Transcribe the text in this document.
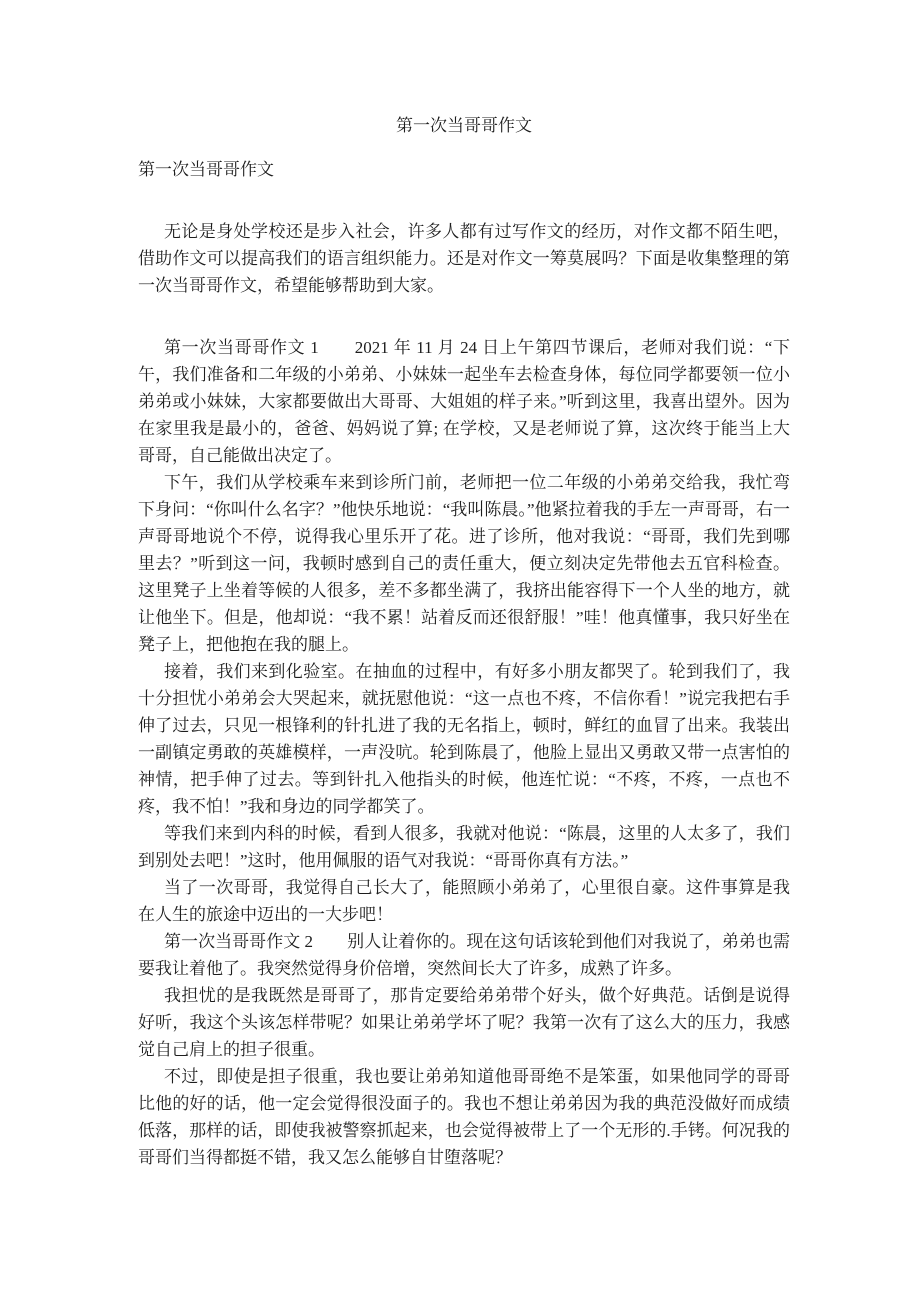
第一次当哥哥作文

第一次当哥哥作文

无论是身处学校还是步入社会，许多人都有过写作文的经历，对作文都不陌生吧，借助作文可以提高我们的语言组织能力。还是对作文一筹莫展吗？下面是收集整理的第一次当哥哥作文，希望能够帮助到大家。

第一次当哥哥作文 1　　2021 年 11 月 24 日上午第四节课后，老师对我们说：“下午，我们准备和二年级的小弟弟、小妹妹一起坐车去检查身体，每位同学都要领一位小弟弟或小妹妹，大家都要做出大哥哥、大姐姐的样子来。”听到这里，我喜出望外。因为在家里我是最小的，爸爸、妈妈说了算; 在学校，又是老师说了算，这次终于能当上大哥哥，自己能做出决定了。

下午，我们从学校乘车来到诊所门前，老师把一位二年级的小弟弟交给我，我忙弯下身问：“你叫什么名字？”他快乐地说：“我叫陈晨。”他紧拉着我的手左一声哥哥，右一声哥哥地说个不停，说得我心里乐开了花。进了诊所，他对我说：“哥哥，我们先到哪里去？”听到这一问，我顿时感到自己的责任重大，便立刻决定先带他去五官科检查。这里凳子上坐着等候的人很多，差不多都坐满了，我挤出能容得下一个人坐的地方，就让他坐下。但是，他却说：“我不累！站着反而还很舒服！”哇！他真懂事，我只好坐在凳子上，把他抱在我的腿上。

接着，我们来到化验室。在抽血的过程中，有好多小朋友都哭了。轮到我们了，我十分担忧小弟弟会大哭起来，就抚慰他说：“这一点也不疼，不信你看！”说完我把右手伸了过去，只见一根锋利的针扎进了我的无名指上，顿时，鲜红的血冒了出来。我装出一副镇定勇敢的英雄模样，一声没吭。轮到陈晨了，他脸上显出又勇敢又带一点害怕的神情，把手伸了过去。等到针扎入他指头的时候，他连忙说：“不疼，不疼，一点也不疼，我不怕！”我和身边的同学都笑了。

等我们来到内科的时候，看到人很多，我就对他说：“陈晨，这里的人太多了，我们到别处去吧！”这时，他用佩服的语气对我说：“哥哥你真有方法。”

当了一次哥哥，我觉得自己长大了，能照顾小弟弟了，心里很自豪。这件事算是我在人生的旅途中迈出的一大步吧！

第一次当哥哥作文 2　　别人让着你的。现在这句话该轮到他们对我说了，弟弟也需要我让着他了。我突然觉得身价倍增，突然间长大了许多，成熟了许多。

我担忧的是我既然是哥哥了，那肯定要给弟弟带个好头，做个好典范。话倒是说得好听，我这个头该怎样带呢？如果让弟弟学坏了呢？我第一次有了这么大的压力，我感觉自己肩上的担子很重。

不过，即使是担子很重，我也要让弟弟知道他哥哥绝不是笨蛋，如果他同学的哥哥比他的好的话，他一定会觉得很没面子的。我也不想让弟弟因为我的典范没做好而成绩低落，那样的话，即使我被警察抓起来，也会觉得被带上了一个无形的.手铐。何况我的哥哥们当得都挺不错，我又怎么能够自甘堕落呢？
